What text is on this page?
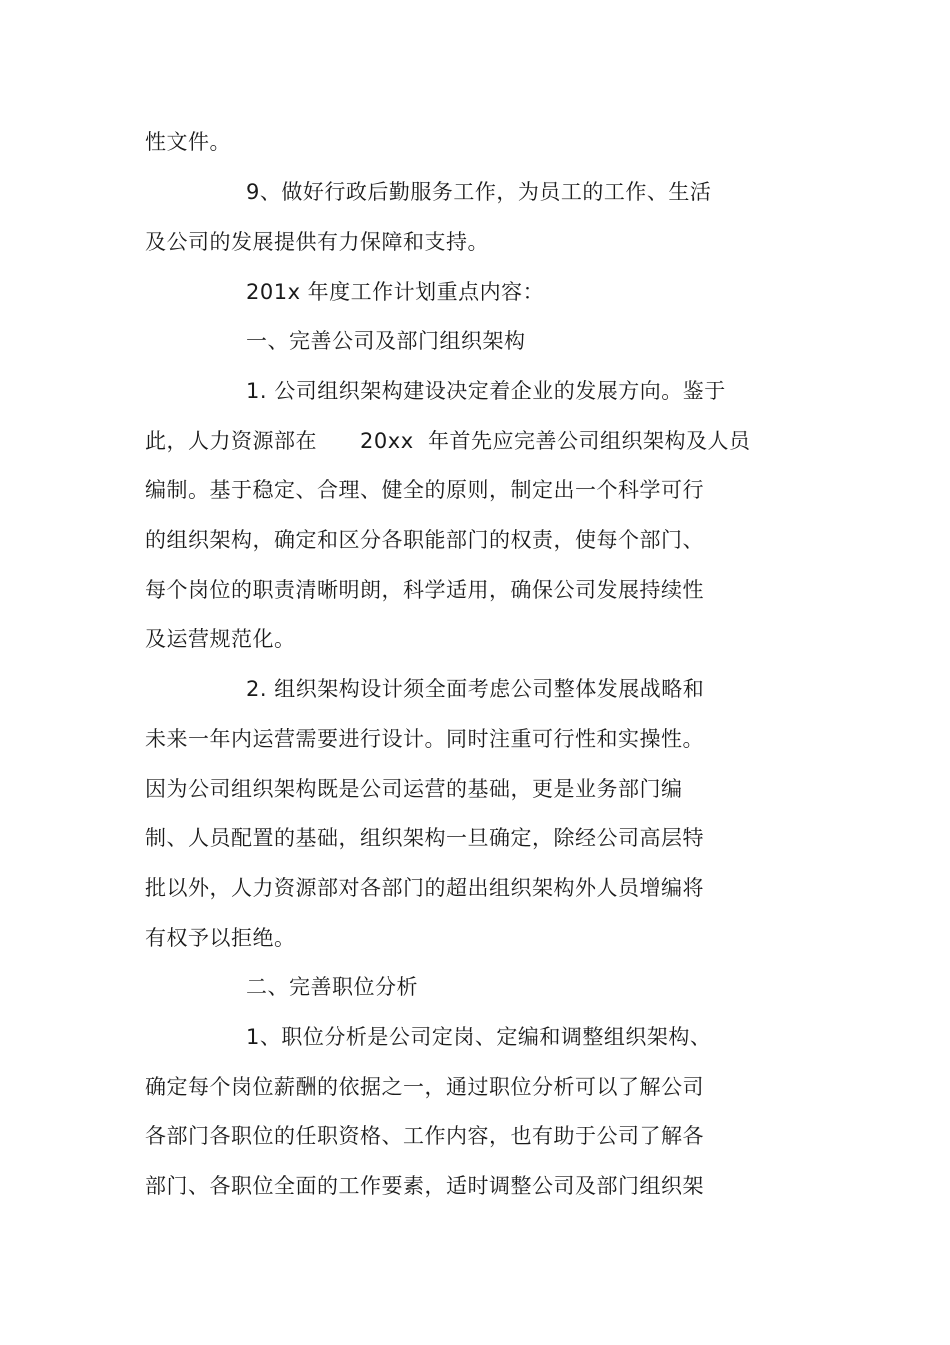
性文件。
9、做好行政后勤服务工作，为员工的工作、生活
及公司的发展提供有力保障和支持。
201x 年度工作计划重点内容：
一、完善公司及部门组织架构
1. 公司组织架构建设决定着企业的发展方向。鉴于
此，人力资源部在      20xx  年首先应完善公司组织架构及人员
编制。基于稳定、合理、健全的原则，制定出一个科学可行
的组织架构，确定和区分各职能部门的权责，使每个部门、
每个岗位的职责清晰明朗，科学适用，确保公司发展持续性
及运营规范化。
2. 组织架构设计须全面考虑公司整体发展战略和
未来一年内运营需要进行设计。同时注重可行性和实操性。
因为公司组织架构既是公司运营的基础，更是业务部门编
制、人员配置的基础，组织架构一旦确定，除经公司高层特
批以外，人力资源部对各部门的超出组织架构外人员增编将
有权予以拒绝。
二、完善职位分析
1、职位分析是公司定岗、定编和调整组织架构、
确定每个岗位薪酬的依据之一，通过职位分析可以了解公司
各部门各职位的任职资格、工作内容，也有助于公司了解各
部门、各职位全面的工作要素，适时调整公司及部门组织架
